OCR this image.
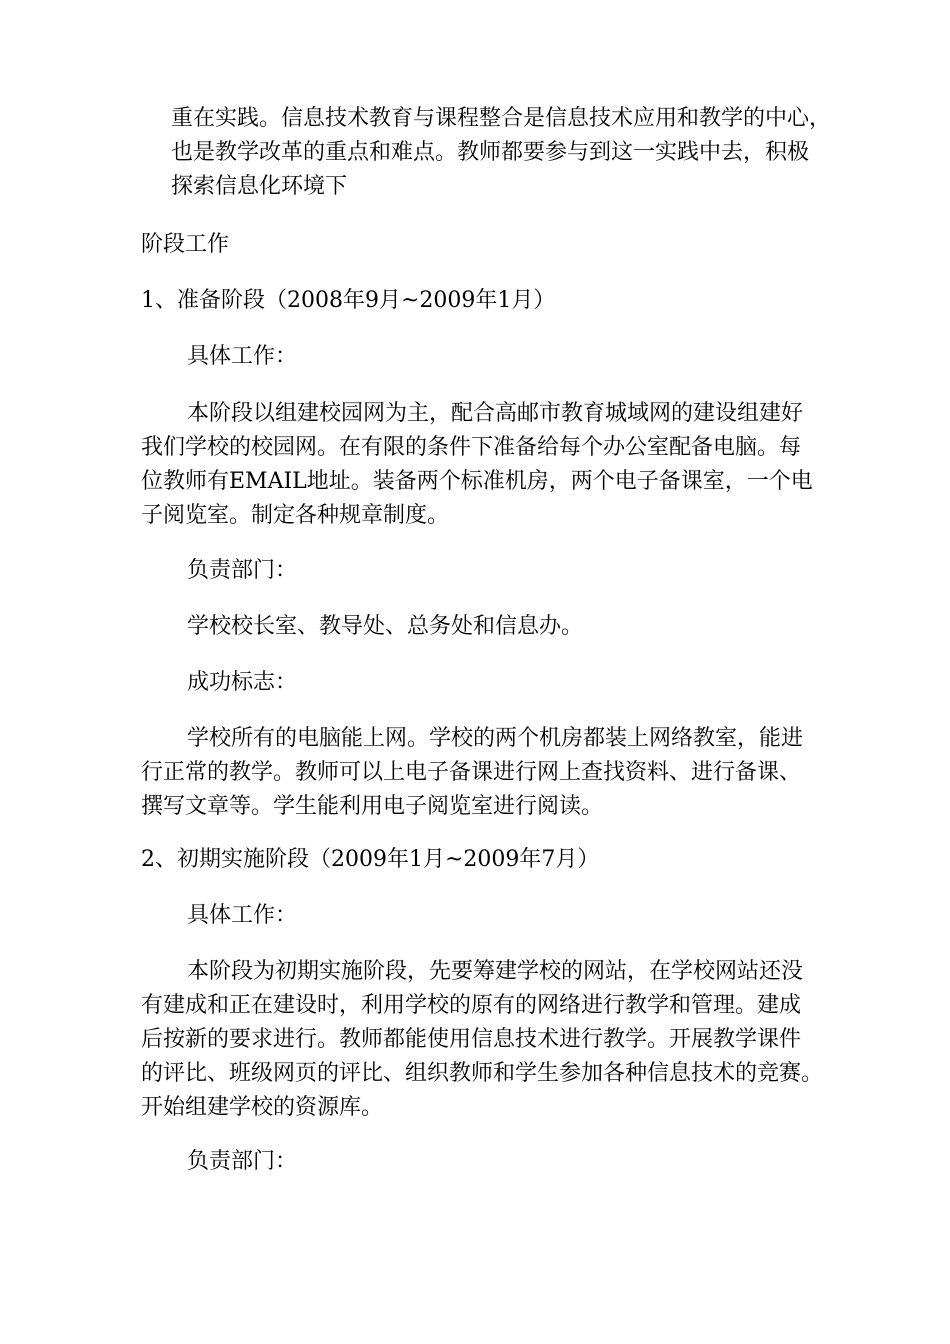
重在实践。信息技术教育与课程整合是信息技术应用和教学的中心，
也是教学改革的重点和难点。教师都要参与到这一实践中去，积极
探索信息化环境下

阶段工作

1、准备阶段（2008年9月~2009年1月）

具体工作：

本阶段以组建校园网为主，配合高邮市教育城域网的建设组建好
我们学校的校园网。在有限的条件下准备给每个办公室配备电脑。每
位教师有EMAIL地址。装备两个标准机房，两个电子备课室，一个电
子阅览室。制定各种规章制度。

负责部门：

学校校长室、教导处、总务处和信息办。

成功标志：

学校所有的电脑能上网。学校的两个机房都装上网络教室，能进
行正常的教学。教师可以上电子备课进行网上查找资料、进行备课、
撰写文章等。学生能利用电子阅览室进行阅读。

2、初期实施阶段（2009年1月~2009年7月）

具体工作：

本阶段为初期实施阶段，先要筹建学校的网站，在学校网站还没
有建成和正在建设时，利用学校的原有的网络进行教学和管理。建成
后按新的要求进行。教师都能使用信息技术进行教学。开展教学课件
的评比、班级网页的评比、组织教师和学生参加各种信息技术的竞赛。
开始组建学校的资源库。

负责部门：
